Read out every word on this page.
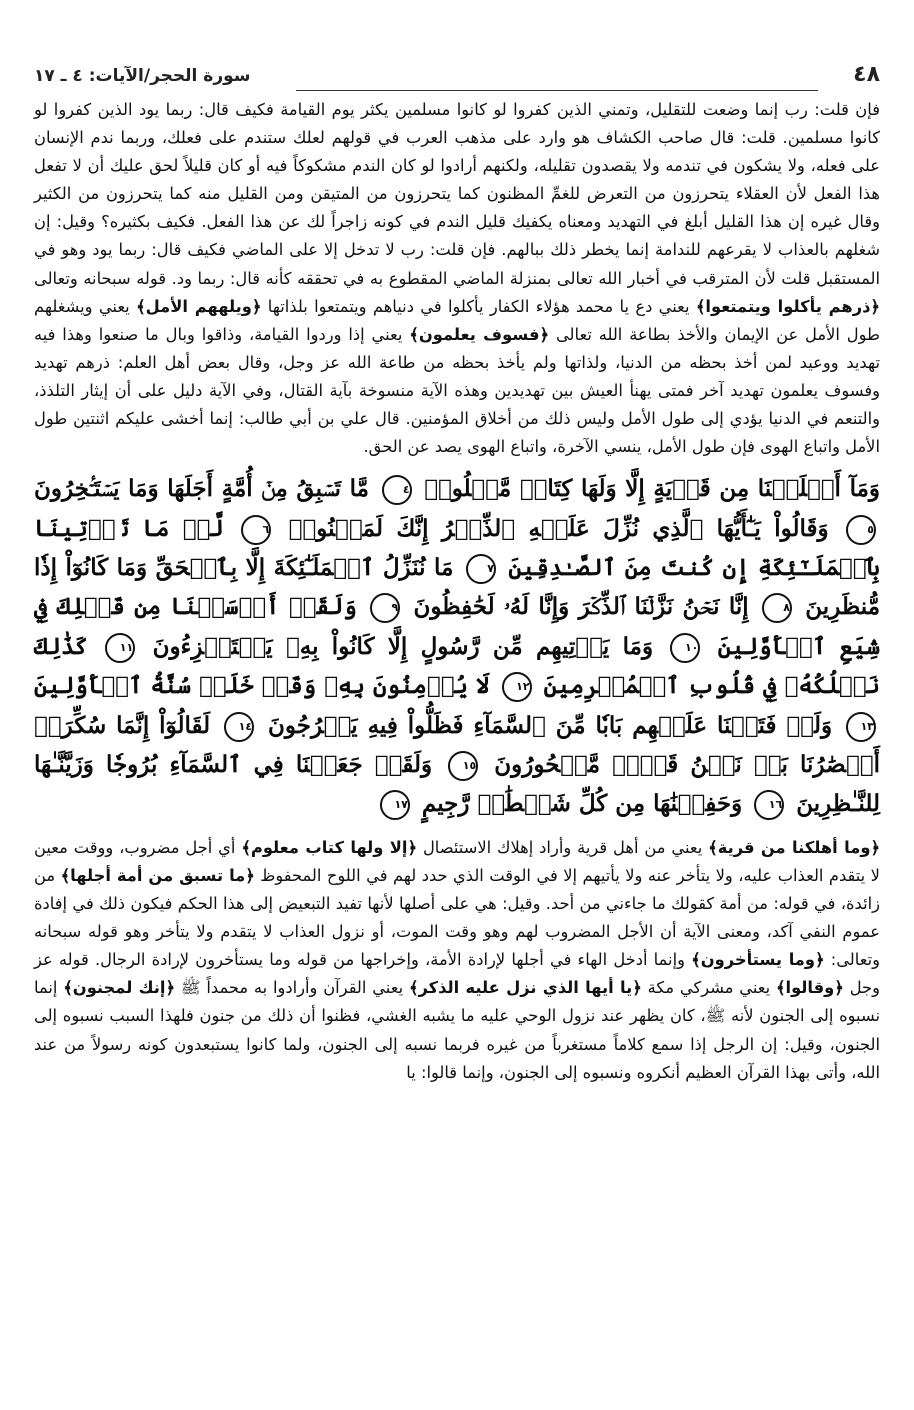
٤٨
سورة الحجر/الآيات: ٤ ـ ١٧

فإن قلت: رب إنما وضعت للتقليل، وتمني الذين كفروا لو كانوا مسلمين يكثر يوم القيامة فكيف قال: ربما يود الذين كفروا لو كانوا مسلمين. قلت: قال صاحب الكشاف هو وارد على مذهب العرب في قولهم لعلك ستندم على فعلك، وربما ندم الإنسان على فعله، ولا يشكون في تندمه ولا يقصدون تقليله، ولكنهم أرادوا لو كان الندم مشكوكاً فيه أو كان قليلاً لحق عليك أن لا تفعل هذا الفعل لأن العقلاء يتحرزون من التعرض للغمِّ المظنون كما يتحرزون من المتيقن ومن القليل منه كما يتحرزون من الكثير وقال غيره إن هذا القليل أبلغ في التهديد ومعناه يكفيك قليل الندم في كونه زاجراً لك عن هذا الفعل. فكيف بكثيره؟ وقيل: إن شغلهم بالعذاب لا يقرعهم للندامة إنما يخطر ذلك ببالهم. فإن قلت: رب لا تدخل إلا على الماضي فكيف قال: ربما يود وهو في المستقبل قلت لأن المترقب في أخبار الله تعالى بمنزلة الماضي المقطوع به في تحققه كأنه قال: ربما ود. قوله سبحانه وتعالى ﴿ذرهم يأكلوا ويتمتعوا﴾ يعني دع يا محمد هؤلاء الكفار يأكلوا في دنياهم ويتمتعوا بلذاتها ﴿ويلههم الأمل﴾ يعني ويشغلهم طول الأمل عن الإيمان والأخذ بطاعة الله تعالى ﴿فسوف يعلمون﴾ يعني إذا وردوا القيامة، وذاقوا وبال ما صنعوا وهذا فيه تهديد ووعيد لمن أخذ بحظه من الدنيا، ولذاتها ولم يأخذ بحظه من طاعة الله عز وجل، وقال بعض أهل العلم: ذرهم تهديد وفسوف يعلمون تهديد آخر فمتى يهنأ العيش بين تهديدين وهذه الآية منسوخة بآية القتال، وفي الآية دليل على أن إيثار التلذذ، والتنعم في الدنيا يؤدي إلى طول الأمل وليس ذلك من أخلاق المؤمنين. قال علي بن أبي طالب: إنما أخشى عليكم اثنتين طول الأمل واتباع الهوى فإن طول الأمل، ينسي الآخرة، واتباع الهوى يصد عن الحق.

وَمَآ أَهۡلَكۡنَا مِن قَرۡيَةٍ إِلَّا وَلَهَا كِتَابٞ مَّعۡلُومٞ ٤ مَّا تَسۡبِقُ مِنۡ أُمَّةٍ أَجَلَهَا وَمَا يَسۡتَـٔۡخِرُونَ ٥ وَقَالُواْ يَـٰٓأَيُّهَا ٱلَّذِي نُزِّلَ عَلَيۡهِ ٱلذِّكۡرُ إِنَّكَ لَمَجۡنُونٞ ٦ لَّوۡ مَا تَأۡتِينَا بِٱلۡمَلَـٰٓئِكَةِ إِن كُنتَ مِنَ ٱلصَّـٰدِقِينَ ٧ مَا نُنَزِّلُ ٱلۡمَلَـٰٓئِكَةَ إِلَّا بِٱلۡحَقِّ وَمَا كَانُوٓاْ إِذٗا مُّنظَرِينَ ٨ إِنَّا نَحۡنُ نَزَّلۡنَا ٱلذِّكۡرَ وَإِنَّا لَهُۥ لَحَٰفِظُونَ ٩ وَلَقَدۡ أَرۡسَلۡنَا مِن قَبۡلِكَ فِي شِيَعِ ٱلۡأَوَّلِينَ ١٠ وَمَا يَأۡتِيهِم مِّن رَّسُولٍ إِلَّا كَانُواْ بِهِۦ يَسۡتَهۡزِءُونَ ١١ كَذَٰلِكَ نَسۡلُكُهُۥ فِي قُلُوبِ ٱلۡمُجۡرِمِينَ ١٢ لَا يُؤۡمِنُونَ بِهِۦ وَقَدۡ خَلَتۡ سُنَّةُ ٱلۡأَوَّلِينَ ١٣ وَلَوۡ فَتَحۡنَا عَلَيۡهِم بَابٗا مِّنَ ٱلسَّمَآءِ فَظَلُّواْ فِيهِ يَعۡرُجُونَ ١٤ لَقَالُوٓاْ إِنَّمَا سُكِّرَتۡ أَبۡصَٰرُنَا بَلۡ نَحۡنُ قَوۡمٞ مَّسۡحُورُونَ ١٥ وَلَقَدۡ جَعَلۡنَا فِي ٱلسَّمَآءِ بُرُوجٗا وَزَيَّنَّـٰهَا لِلنَّـٰظِرِينَ ١٦ وَحَفِظۡنَٰهَا مِن كُلِّ شَيۡطَٰنٖ رَّجِيمٍ ١٧

﴿وما أهلكنا من قرية﴾ يعني من أهل قرية وأراد إهلاك الاستئصال ﴿إلا ولها كتاب معلوم﴾ أي أجل مضروب، ووقت معين لا يتقدم العذاب عليه، ولا يتأخر عنه ولا يأتيهم إلا في الوقت الذي حدد لهم في اللوح المحفوظ ﴿ما تسبق من أمة أجلها﴾ من زائدة، في قوله: من أمة كقولك ما جاءني من أحد. وقيل: هي على أصلها لأنها تفيد التبعيض إلى هذا الحكم فيكون ذلك في إفادة عموم النفي آكد، ومعنى الآية أن الأجل المضروب لهم وهو وقت الموت، أو نزول العذاب لا يتقدم ولا يتأخر وهو قوله سبحانه وتعالى: ﴿وما يستأخرون﴾ وإنما أدخل الهاء في أجلها لإرادة الأمة، وإخراجها من قوله وما يستأخرون لإرادة الرجال. قوله عز وجل ﴿وقالوا﴾ يعني مشركي مكة ﴿يا أيها الذي نزل عليه الذكر﴾ يعني القرآن وأرادوا به محمداً ﷺ ﴿إنك لمجنون﴾ إنما نسبوه إلى الجنون لأنه ﷺ، كان يظهر عند نزول الوحي عليه ما يشبه الغشي، فظنوا أن ذلك من جنون فلهذا السبب نسبوه إلى الجنون، وقيل: إن الرجل إذا سمع كلاماً مستغرباً من غيره فربما نسبه إلى الجنون، ولما كانوا يستبعدون كونه رسولاً من عند الله، وأتى بهذا القرآن العظيم أنكروه ونسبوه إلى الجنون، وإنما قالوا: يا
